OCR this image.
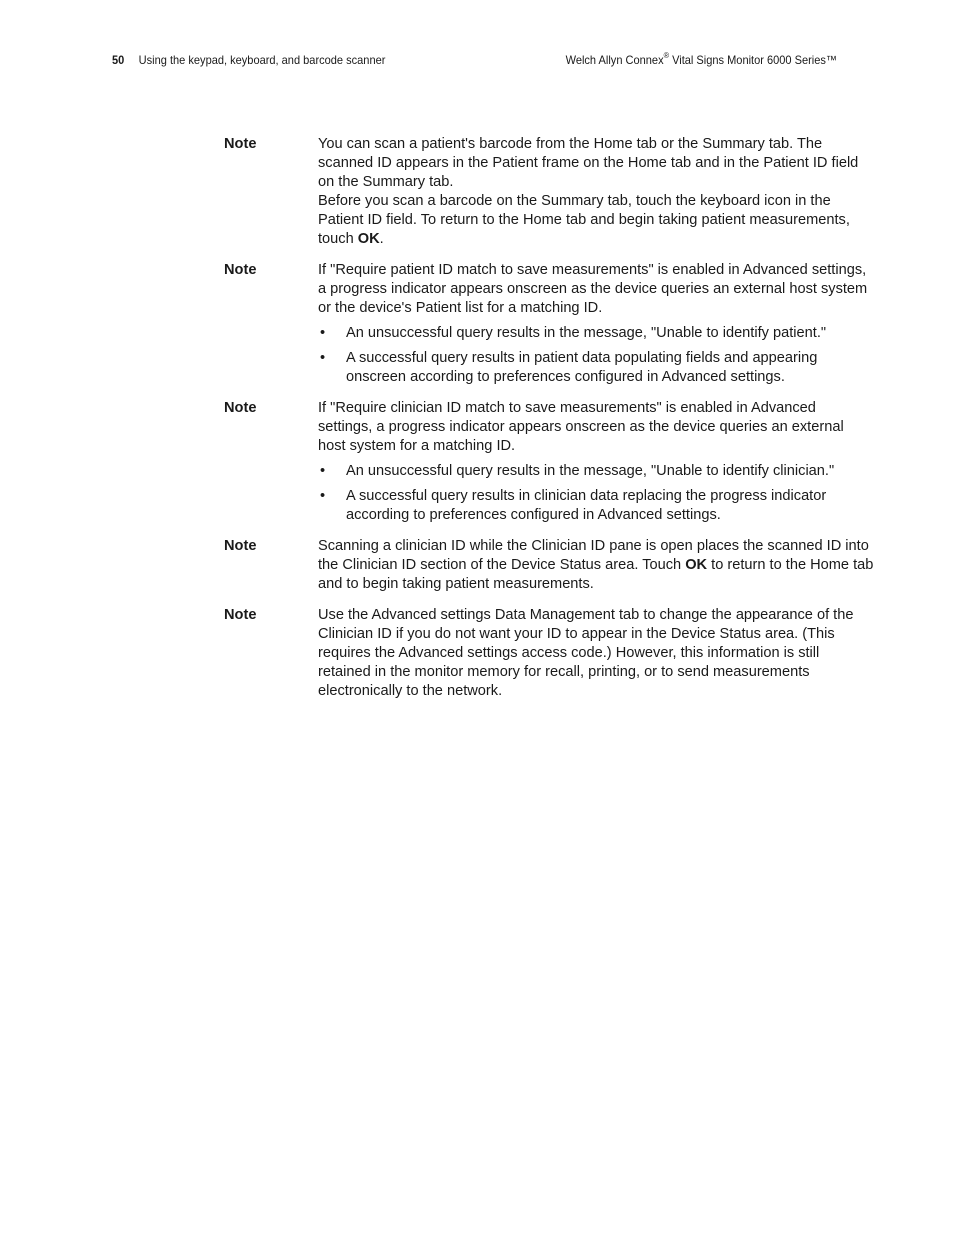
50 Using the keypad, keyboard, and barcode scanner	Welch Allyn Connex® Vital Signs Monitor 6000 Series™
Note	You can scan a patient's barcode from the Home tab or the Summary tab. The scanned ID appears in the Patient frame on the Home tab and in the Patient ID field on the Summary tab.

Before you scan a barcode on the Summary tab, touch the keyboard icon in the Patient ID field. To return to the Home tab and begin taking patient measurements, touch OK.

Note	If "Require patient ID match to save measurements" is enabled in Advanced settings, a progress indicator appears onscreen as the device queries an external host system or the device's Patient list for a matching ID.

• An unsuccessful query results in the message, "Unable to identify patient."
• A successful query results in patient data populating fields and appearing onscreen according to preferences configured in Advanced settings.
Note	If "Require clinician ID match to save measurements" is enabled in Advanced settings, a progress indicator appears onscreen as the device queries an external host system for a matching ID.

• An unsuccessful query results in the message, "Unable to identify clinician."
• A successful query results in clinician data replacing the progress indicator according to preferences configured in Advanced settings.
Note	Scanning a clinician ID while the Clinician ID pane is open places the scanned ID into the Clinician ID section of the Device Status area. Touch OK to return to the Home tab and to begin taking patient measurements.

Note	Use the Advanced settings Data Management tab to change the appearance of the Clinician ID if you do not want your ID to appear in the Device Status area. (This requires the Advanced settings access code.) However, this information is still retained in the monitor memory for recall, printing, or to send measurements electronically to the network.
